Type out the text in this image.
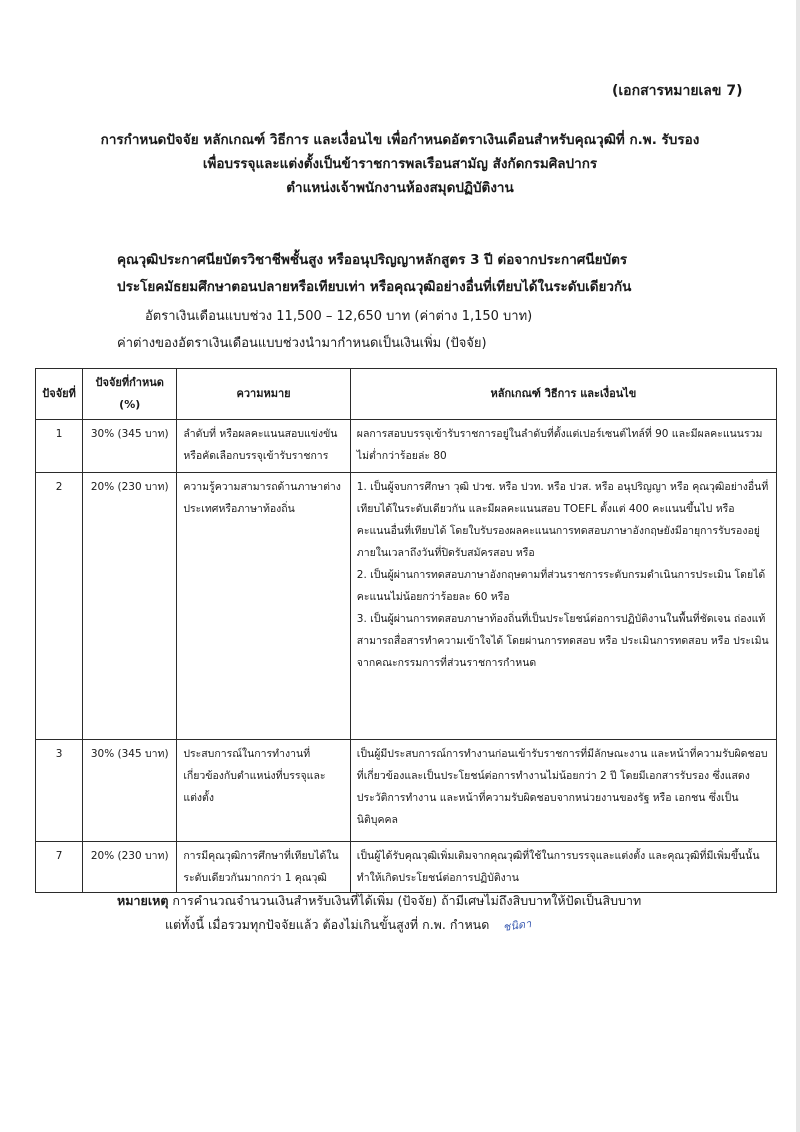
(เอกสารหมายเลข 7)
การกำหนดปัจจัย หลักเกณฑ์ วิธีการ และเงื่อนไข เพื่อกำหนดอัตราเงินเดือนสำหรับคุณวุฒิที่ ก.พ. รับรอง
เพื่อบรรจุและแต่งตั้งเป็นข้าราชการพลเรือนสามัญ สังกัดกรมศิลปากร
ตำแหน่งเจ้าพนักงานห้องสมุดปฏิบัติงาน
คุณวุฒิประกาศนียบัตรวิชาชีพชั้นสูง หรืออนุปริญญาหลักสูตร 3 ปี ต่อจากประกาศนียบัตร
ประโยคมัธยมศึกษาตอนปลายหรือเทียบเท่า หรือคุณวุฒิอย่างอื่นที่เทียบได้ในระดับเดียวกัน
อัตราเงินเดือนแบบช่วง 11,500 – 12,650 บาท (ค่าต่าง 1,150 บาท)
ค่าต่างของอัตราเงินเดือนแบบช่วงนำมากำหนดเป็นเงินเพิ่ม (ปัจจัย)
ปัจจัยที่	ปัจจัยที่กำหนด (%)	ความหมาย	หลักเกณฑ์ วิธีการ และเงื่อนไข
1	30% (345 บาท)	ลำดับที่ หรือผลคะแนนสอบแข่งขัน หรือคัดเลือกบรรจุเข้ารับราชการ	ผลการสอบบรรจุเข้ารับราชการอยู่ในลำดับที่ตั้งแต่เปอร์เซนต์ไทล์ที่ 90 และมีผลคะแนนรวมไม่ต่ำกว่าร้อยล่ะ 80

2	20% (230 บาท)	ความรู้ความสามารถด้านภาษาต่างประเทศหรือภาษาท้องถิ่น	1. เป็นผู้จบการศึกษา วุฒิ ปวช. หรือ ปวท. หรือ ปวส. หรือ อนุปริญญา หรือ คุณวุฒิอย่างอื่นที่เทียบได้ในระดับเดียวกัน และมีผลคะแนนสอบ TOEFL ตั้งแต่ 400 คะแนนขึ้นไป หรือ คะแนนอื่นที่เทียบได้ โดยใบรับรองผลคะแนนการทดสอบภาษาอังกฤษยังมีอายุการรับรองอยู่ภายในเวลาถึงวันที่ปิดรับสมัครสอบ หรือ
2. เป็นผู้ผ่านการทดสอบภาษาอังกฤษตามที่ส่วนราชการระดับกรมดำเนินการประเมิน โดยได้คะแนนไม่น้อยกว่าร้อยละ 60 หรือ
3. เป็นผู้ผ่านการทดสอบภาษาท้องถิ่นที่เป็นประโยชน์ต่อการปฏิบัติงานในพื้นที่ชัดเจน ถ่องแท้ สามารถสื่อสารทำความเข้าใจได้ โดยผ่านการทดสอบ หรือ ประเมินการทดสอบ หรือ ประเมินจากคณะกรรมการที่ส่วนราชการกำหนด

3	30% (345 บาท)	ประสบการณ์ในการทำงานที่เกี่ยวข้องกับตำแหน่งที่บรรจุและแต่งตั้ง	เป็นผู้มีประสบการณ์การทำงานก่อนเข้ารับราชการที่มีลักษณะงาน และหน้าที่ความรับผิดชอบที่เกี่ยวข้องและเป็นประโยชน์ต่อการทำงานไม่น้อยกว่า 2 ปี โดยมีเอกสารรับรอง ซึ่งแสดงประวัติการทำงาน และหน้าที่ความรับผิดชอบจากหน่วยงานของรัฐ หรือ เอกชน ซึ่งเป็นนิติบุคคล

7	20% (230 บาท)	การมีคุณวุฒิการศึกษาที่เทียบได้ในระดับเดียวกันมากกว่า 1 คุณวุฒิ	เป็นผู้ได้รับคุณวุฒิเพิ่มเติมจากคุณวุฒิที่ใช้ในการบรรจุและแต่งตั้ง และคุณวุฒิที่มีเพิ่มขึ้นนั้น ทำให้เกิดประโยชน์ต่อการปฏิบัติงาน
หมายเหตุ การคำนวณจำนวนเงินสำหรับเงินที่ได้เพิ่ม (ปัจจัย) ถ้ามีเศษไม่ถึงสิบบาทให้ปัดเป็นสิบบาท
แต่ทั้งนี้ เมื่อรวมทุกปัจจัยแล้ว ต้องไม่เกินขั้นสูงที่ ก.พ. กำหนด ชนิดา
